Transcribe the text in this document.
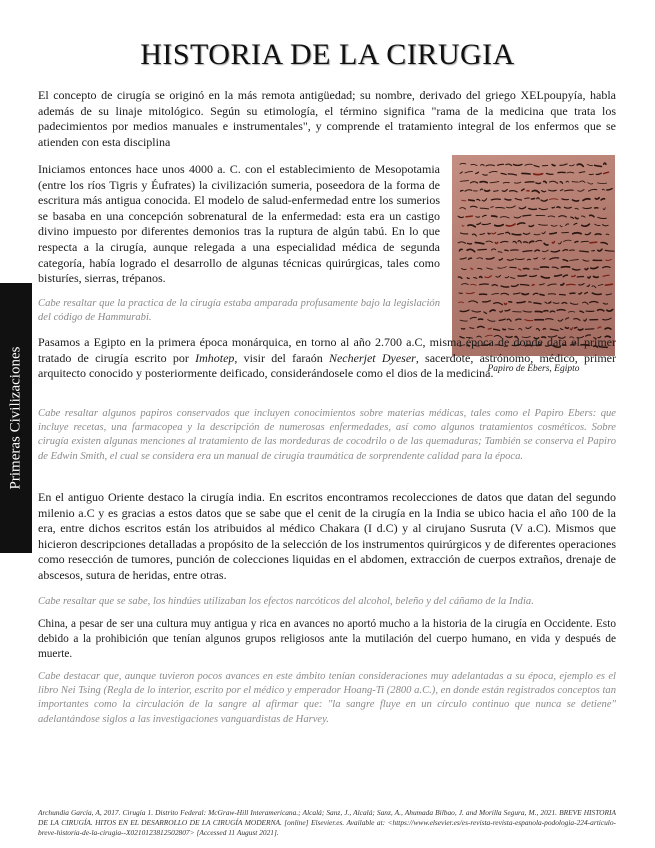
HISTORIA DE LA CIRUGIA
Primeras Civilizaciones

El concepto de cirugía se originó en la más remota antigüedad; su nombre, derivado del griego XELpoupyía, habla además de su linaje mitológico. Según su etimología, el término significa "rama de la medicina que trata los padecimientos por medios manuales e instrumentales", y comprende el tratamiento integral de los enfermos que se atienden con esta disciplina

Iniciamos entonces hace unos 4000 a. C. con el establecimiento de Mesopotamia (entre los ríos Tigris y Éufrates) la civilización sumeria, poseedora de la forma de escritura más antigua conocida. El modelo de salud-enfermedad entre los sumerios se basaba en una concepción sobrenatural de la enfermedad: esta era un castigo divino impuesto por diferentes demonios tras la ruptura de algún tabú. En lo que respecta a la cirugía, aunque relegada a una especialidad médica de segunda categoría, había logrado el desarrollo de algunas técnicas quirúrgicas, tales como bisturíes, sierras, trépanos.

Papiro de Ebers, Egipto

Cabe resaltar que la practica de la cirugía estaba amparada profusamente bajo la legislación del código de Hammurabi.

Pasamos a Egipto en la primera época monárquica, en torno al año 2.700 a.C, misma época de donde data el primer tratado de cirugía escrito por Imhotep, visir del faraón Necherjet Dyeser, sacerdote, astrónomo, médico, primer arquitecto conocido y posteriormente deificado, considerándosele como el dios de la medicina.

Cabe resaltar algunos papiros conservados que incluyen conocimientos sobre materias médicas, tales como el Papiro Ebers: que incluye recetas, una farmacopea y la descripción de numerosas enfermedades, así como algunos tratamientos cosméticos. Sobre cirugía existen algunas menciones al tratamiento de las mordeduras de cocodrilo o de las quemaduras; También se conserva el Papiro de Edwin Smith, el cual se considera era un manual de cirugía traumática de sorprendente calidad para la época.

En el antiguo Oriente destaco la cirugía india. En escritos encontramos recolecciones de datos que datan del segundo milenio a.C y es gracias a estos datos que se sabe que el cenit de la cirugía en la India se ubico hacia el año 100 de la era, entre dichos escritos están los atribuidos al médico Chakara (I d.C) y al cirujano Susruta (V a.C). Mismos que hicieron descripciones detalladas a propósito de la selección de los instrumentos quirúrgicos y de diferentes operaciones como resección de tumores, punción de colecciones liquidas en el abdomen, extracción de cuerpos extraños, drenaje de abscesos, sutura de heridas, entre otras.

Cabe resaltar que se sabe, los hindúes utilizaban los efectos narcóticos del alcohol, beleño y del cáñamo de la India.

China, a pesar de ser una cultura muy antigua y rica en avances no aportó mucho a la historia de la cirugía en Occidente. Esto debido a la prohibición que tenían algunos grupos religiosos ante la mutilación del cuerpo humano, en vida y después de muerte.

Cabe destacar que, aunque tuvieron pocos avances en este ámbito tenían consideraciones muy adelantadas a su época, ejemplo es el libro Nei Tsing (Regla de lo interior, escrito por el médico y emperador Hoang-Ti (2800 a.C.), en donde están registrados conceptos tan importantes como la circulación de la sangre al afirmar que: "la sangre fluye en un círculo continuo que nunca se detiene" adelantándose siglos a las investigaciones vanguardistas de Harvey.

Archundia García, A, 2017. Cirugía 1. Distrito Federal: McGraw-Hill Interamericana.; Alcalá; Sanz, J., Alcalá; Sanz, A., Ahumada Bilbao, J. and Morilla Segura, M., 2021. BREVE HISTORIA DE LA CIRUGÍA. HITOS EN EL DESARROLLO DE LA CIRUGÍA MODERNA. [online] Elsevier.es. Available at: <https://www.elsevier.es/es-revista-revista-espanola-podologia-224-articulo-breve-historia-de-la-cirugia--X0210123812502807> [Accessed 11 August 2021].
